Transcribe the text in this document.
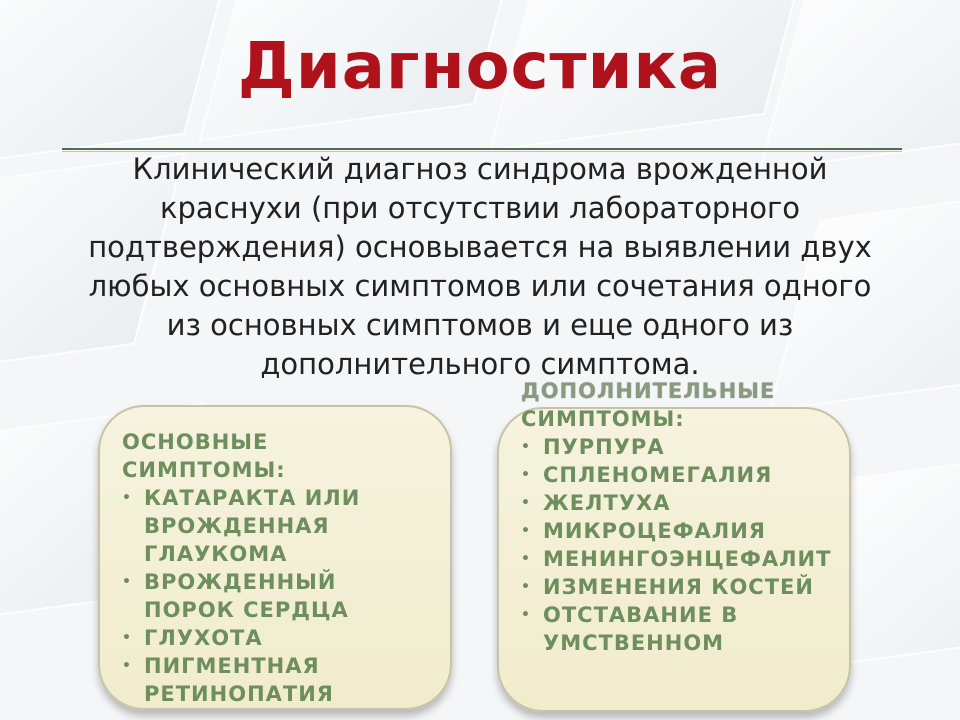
Диагностика
Клинический диагноз синдрома врожденной краснухи (при отсутствии лабораторного подтверждения) основывается на выявлении двух любых основных симптомов или сочетания одного из основных симптомов и еще одного из дополнительного симптома.
ОСНОВНЫЕ СИМПТОМЫ:
• КАТАРАКТА ИЛИ ВРОЖДЕННАЯ ГЛАУКОМА
• ВРОЖДЕННЫЙ ПОРОК СЕРДЦА
• ГЛУХОТА
• ПИГМЕНТНАЯ РЕТИНОПАТИЯ
ДОПОЛНИТЕЛЬНЫЕ
СИМПТОМЫ:
• ПУРПУРА
• СПЛЕНОМЕГАЛИЯ
• ЖЕЛТУХА
• МИКРОЦЕФАЛИЯ
• МЕНИНГОЭНЦЕФАЛИТ
• ИЗМЕНЕНИЯ КОСТЕЙ
• ОТСТАВАНИЕ В УМСТВЕННОМ
